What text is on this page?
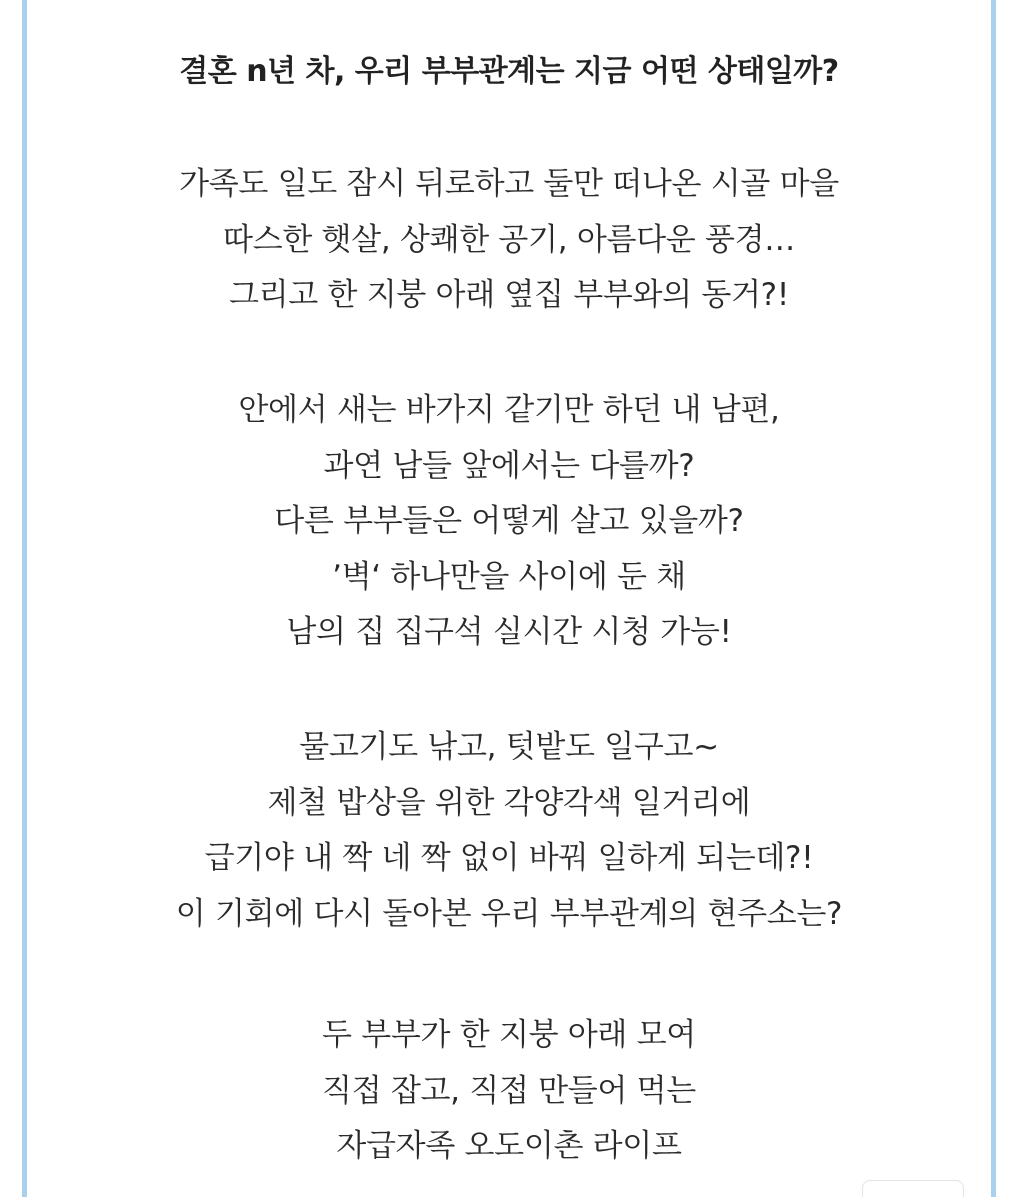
결혼 n년 차, 우리 부부관계는 지금 어떤 상태일까?
가족도 일도 잠시 뒤로하고 둘만 떠나온 시골 마을
따스한 햇살, 상쾌한 공기, 아름다운 풍경…
그리고 한 지붕 아래 옆집 부부와의 동거?!
안에서 새는 바가지 같기만 하던 내 남편,
과연 남들 앞에서는 다를까?
다른 부부들은 어떻게 살고 있을까?
’벽‘ 하나만을 사이에 둔 채
남의 집 집구석 실시간 시청 가능!
물고기도 낚고, 텃밭도 일구고~
제철 밥상을 위한 각양각색 일거리에
급기야 내 짝 네 짝 없이 바꿔 일하게 되는데?!
이 기회에 다시 돌아본 우리 부부관계의 현주소는?
두 부부가 한 지붕 아래 모여
직접 잡고, 직접 만들어 먹는
자급자족 오도이촌 라이프
